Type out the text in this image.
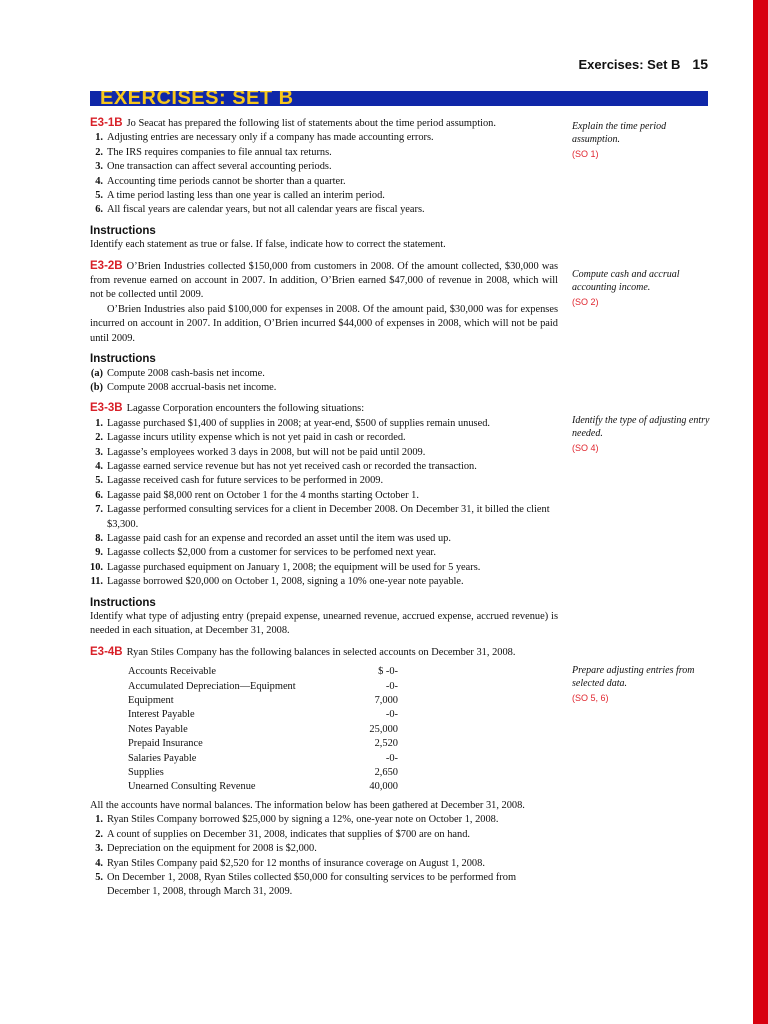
Exercises: Set B 15
EXERCISES: SET B
Explain the time period assumption.
(SO 1)
Compute cash and accrual accounting income.
(SO 2)
Identify the type of adjusting entry needed.
(SO 4)
Prepare adjusting entries from selected data.
(SO 5, 6)
E3-1B Jo Seacat has prepared the following list of statements about the time period assumption.
1. Adjusting entries are necessary only if a company has made accounting errors.
2. The IRS requires companies to file annual tax returns.
3. One transaction can affect several accounting periods.
4. Accounting time periods cannot be shorter than a quarter.
5. A time period lasting less than one year is called an interim period.
6. All fiscal years are calendar years, but not all calendar years are fiscal years.
Instructions
Identify each statement as true or false. If false, indicate how to correct the statement.
E3-2B O’Brien Industries collected $150,000 from customers in 2008. Of the amount collected, $30,000 was from revenue earned on account in 2007. In addition, O’Brien earned $47,000 of revenue in 2008, which will not be collected until 2009.
O’Brien Industries also paid $100,000 for expenses in 2008. Of the amount paid, $30,000 was for expenses incurred on account in 2007. In addition, O’Brien incurred $44,000 of expenses in 2008, which will not be paid until 2009.
Instructions
(a) Compute 2008 cash-basis net income.
(b) Compute 2008 accrual-basis net income.
E3-3B Lagasse Corporation encounters the following situations:
1. Lagasse purchased $1,400 of supplies in 2008; at year-end, $500 of supplies remain unused.
2. Lagasse incurs utility expense which is not yet paid in cash or recorded.
3. Lagasse’s employees worked 3 days in 2008, but will not be paid until 2009.
4. Lagasse earned service revenue but has not yet received cash or recorded the transaction.
5. Lagasse received cash for future services to be performed in 2009.
6. Lagasse paid $8,000 rent on October 1 for the 4 months starting October 1.
7. Lagasse performed consulting services for a client in December 2008. On December 31, it billed the client $3,300.
8. Lagasse paid cash for an expense and recorded an asset until the item was used up.
9. Lagasse collects $2,000 from a customer for services to be perfomed next year.
10. Lagasse purchased equipment on January 1, 2008; the equipment will be used for 5 years.
11. Lagasse borrowed $20,000 on October 1, 2008, signing a 10% one-year note payable.
Instructions
Identify what type of adjusting entry (prepaid expense, unearned revenue, accrued expense, accrued revenue) is needed in each situation, at December 31, 2008.
E3-4B Ryan Stiles Company has the following balances in selected accounts on December 31, 2008.
Accounts Receivable	$ -0-
Accumulated Depreciation—Equipment	-0-
Equipment	7,000
Interest Payable	-0-
Notes Payable	25,000
Prepaid Insurance	2,520
Salaries Payable	-0-
Supplies	2,650
Unearned Consulting Revenue	40,000
All the accounts have normal balances. The information below has been gathered at December 31, 2008.
1. Ryan Stiles Company borrowed $25,000 by signing a 12%, one-year note on October 1, 2008.
2. A count of supplies on December 31, 2008, indicates that supplies of $700 are on hand.
3. Depreciation on the equipment for 2008 is $2,000.
4. Ryan Stiles Company paid $2,520 for 12 months of insurance coverage on August 1, 2008.
5. On December 1, 2008, Ryan Stiles collected $50,000 for consulting services to be performed from December 1, 2008, through March 31, 2009.
